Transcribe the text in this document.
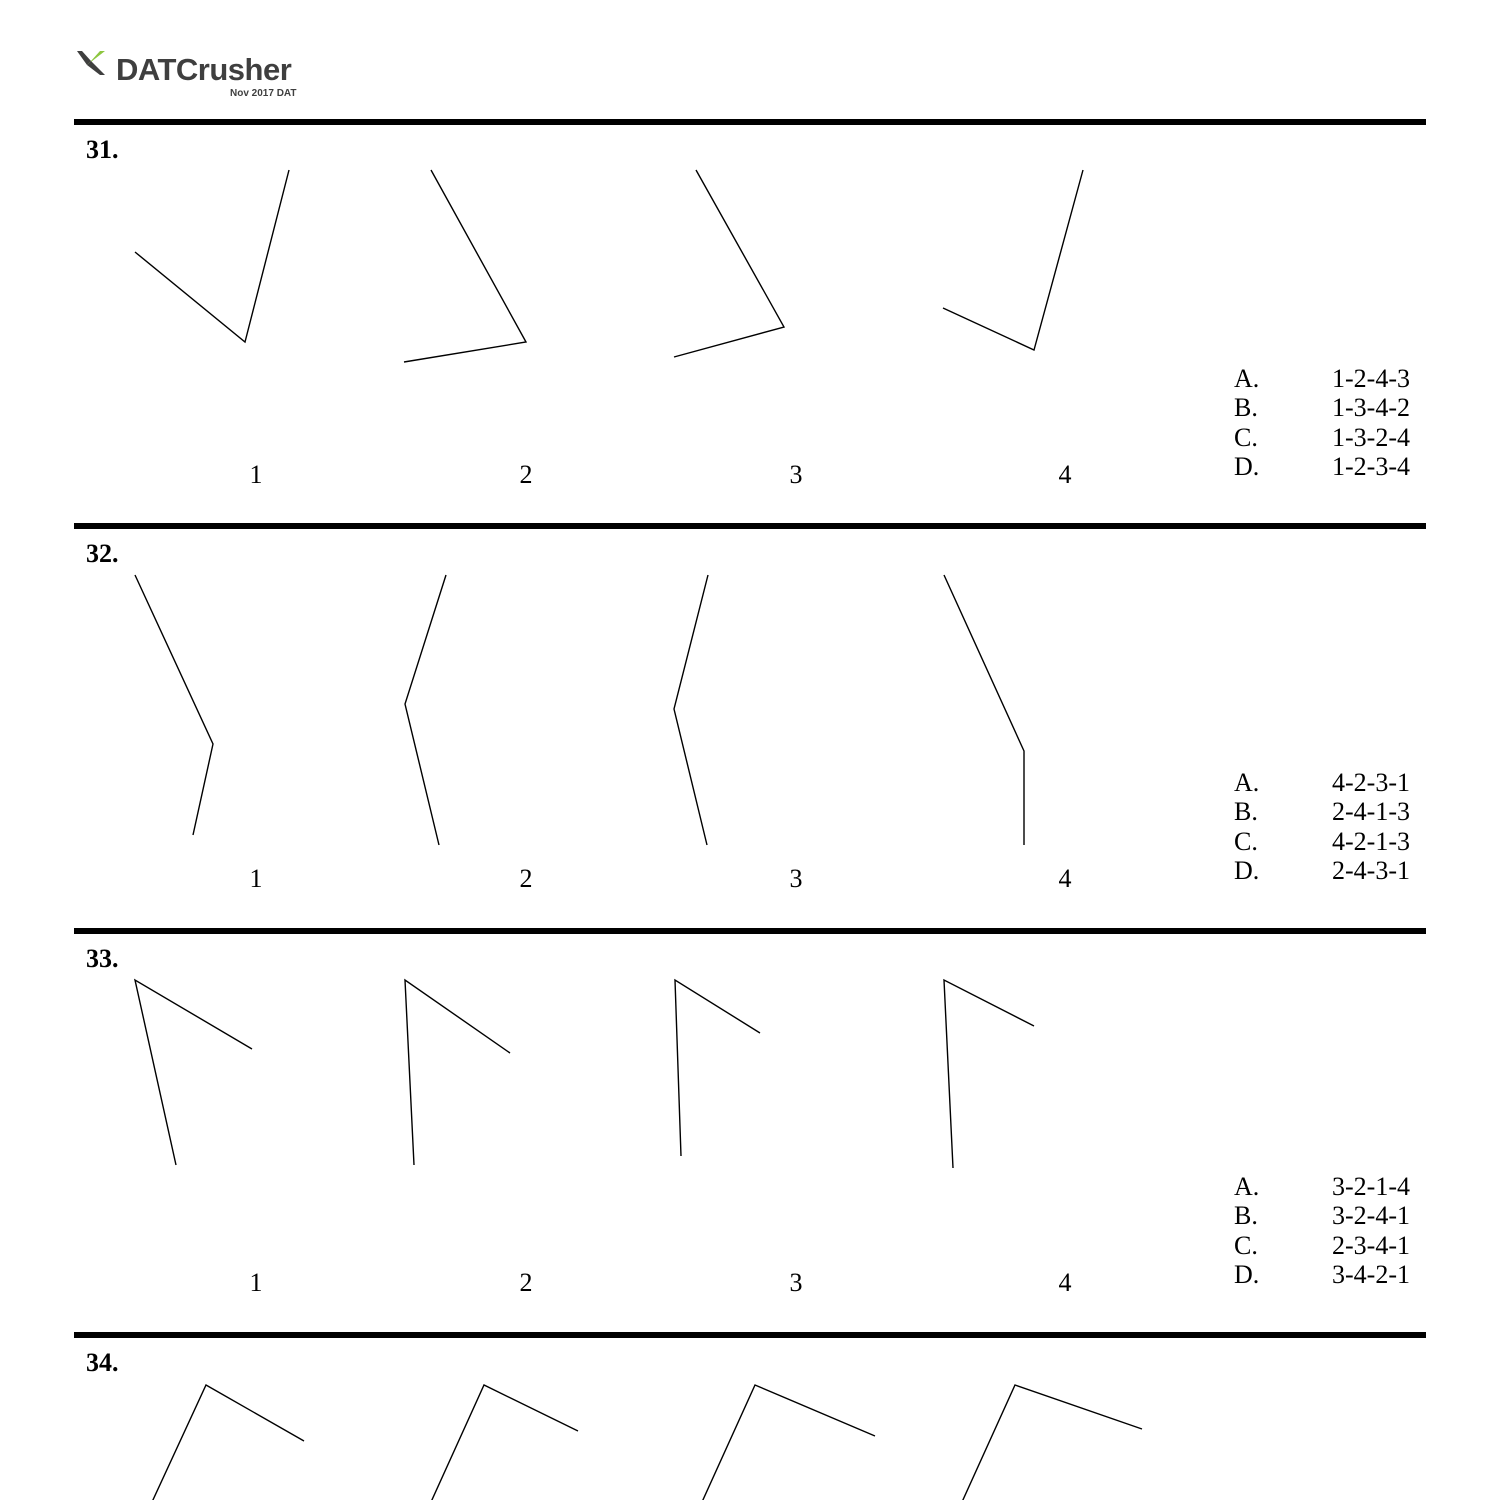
DATCrusher
Nov 2017 DAT
31.
1	2	3	4
A.	1-2-4-3
B.	1-3-4-2
C.	1-3-2-4
D.	1-2-3-4
32.
1	2	3	4
A.	4-2-3-1
B.	2-4-1-3
C.	4-2-1-3
D.	2-4-3-1
33.
1	2	3	4
A.	3-2-1-4
B.	3-2-4-1
C.	2-3-4-1
D.	3-4-2-1
34.
